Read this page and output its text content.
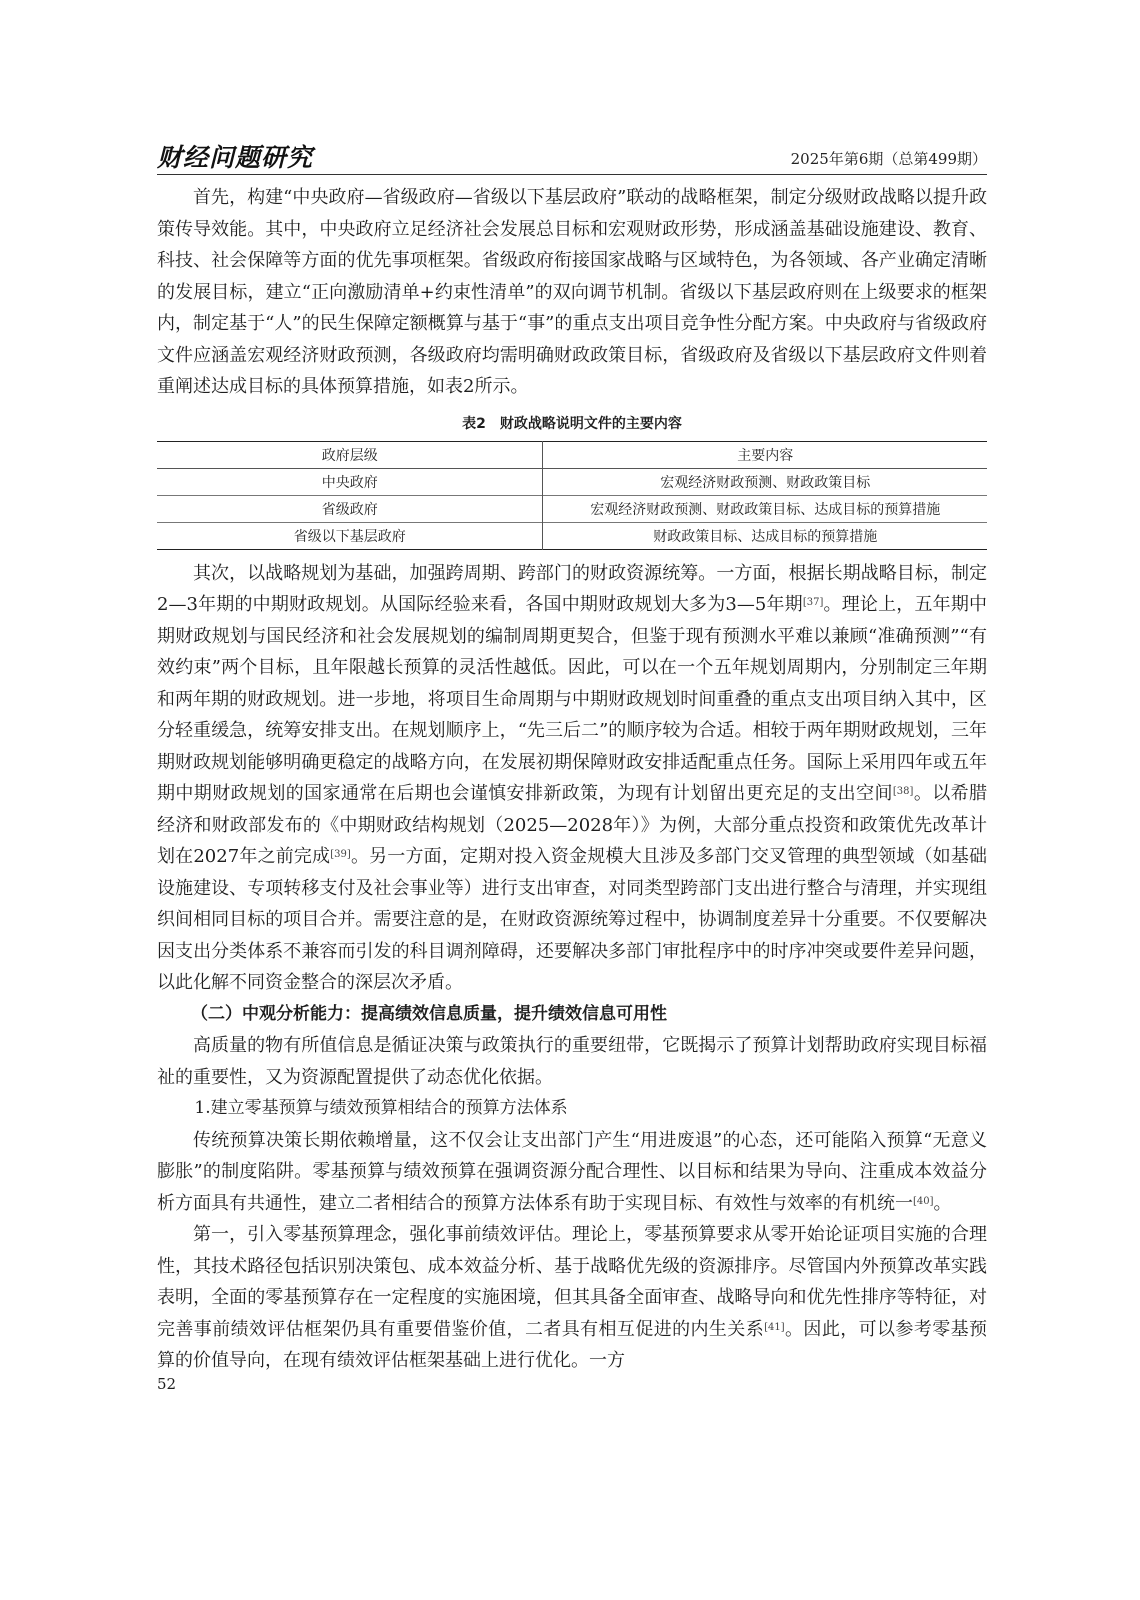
财经问题研究	2025年第6期（总第499期）

首先，构建“中央政府—省级政府—省级以下基层政府”联动的战略框架，制定分级财政战略以提升政策传导效能。其中，中央政府立足经济社会发展总目标和宏观财政形势，形成涵盖基础设施建设、教育、科技、社会保障等方面的优先事项框架。省级政府衔接国家战略与区域特色，为各领域、各产业确定清晰的发展目标，建立“正向激励清单+约束性清单”的双向调节机制。省级以下基层政府则在上级要求的框架内，制定基于“人”的民生保障定额概算与基于“事”的重点支出项目竞争性分配方案。中央政府与省级政府文件应涵盖宏观经济财政预测，各级政府均需明确财政政策目标，省级政府及省级以下基层政府文件则着重阐述达成目标的具体预算措施，如表2所示。

表2　财政战略说明文件的主要内容
政府层级	主要内容
中央政府	宏观经济财政预测、财政政策目标
省级政府	宏观经济财政预测、财政政策目标、达成目标的预算措施
省级以下基层政府	财政政策目标、达成目标的预算措施

其次，以战略规划为基础，加强跨周期、跨部门的财政资源统筹。一方面，根据长期战略目标，制定2—3年期的中期财政规划。从国际经验来看，各国中期财政规划大多为3—5年期[37]。理论上，五年期中期财政规划与国民经济和社会发展规划的编制周期更契合，但鉴于现有预测水平难以兼顾“准确预测”“有效约束”两个目标，且年限越长预算的灵活性越低。因此，可以在一个五年规划周期内，分别制定三年期和两年期的财政规划。进一步地，将项目生命周期与中期财政规划时间重叠的重点支出项目纳入其中，区分轻重缓急，统筹安排支出。在规划顺序上，“先三后二”的顺序较为合适。相较于两年期财政规划，三年期财政规划能够明确更稳定的战略方向，在发展初期保障财政安排适配重点任务。国际上采用四年或五年期中期财政规划的国家通常在后期也会谨慎安排新政策，为现有计划留出更充足的支出空间[38]。以希腊经济和财政部发布的《中期财政结构规划（2025—2028年）》为例，大部分重点投资和政策优先改革计划在2027年之前完成[39]。另一方面，定期对投入资金规模大且涉及多部门交叉管理的典型领域（如基础设施建设、专项转移支付及社会事业等）进行支出审查，对同类型跨部门支出进行整合与清理，并实现组织间相同目标的项目合并。需要注意的是，在财政资源统筹过程中，协调制度差异十分重要。不仅要解决因支出分类体系不兼容而引发的科目调剂障碍，还要解决多部门审批程序中的时序冲突或要件差异问题，以此化解不同资金整合的深层次矛盾。

（二）中观分析能力：提高绩效信息质量，提升绩效信息可用性

高质量的物有所值信息是循证决策与政策执行的重要纽带，它既揭示了预算计划帮助政府实现目标福祉的重要性，又为资源配置提供了动态优化依据。

1.建立零基预算与绩效预算相结合的预算方法体系

传统预算决策长期依赖增量，这不仅会让支出部门产生“用进废退”的心态，还可能陷入预算“无意义膨胀”的制度陷阱。零基预算与绩效预算在强调资源分配合理性、以目标和结果为导向、注重成本效益分析方面具有共通性，建立二者相结合的预算方法体系有助于实现目标、有效性与效率的有机统一[40]。

第一，引入零基预算理念，强化事前绩效评估。理论上，零基预算要求从零开始论证项目实施的合理性，其技术路径包括识别决策包、成本效益分析、基于战略优先级的资源排序。尽管国内外预算改革实践表明，全面的零基预算存在一定程度的实施困境，但其具备全面审查、战略导向和优先性排序等特征，对完善事前绩效评估框架仍具有重要借鉴价值，二者具有相互促进的内生关系[41]。因此，可以参考零基预算的价值导向，在现有绩效评估框架基础上进行优化。一方

52
